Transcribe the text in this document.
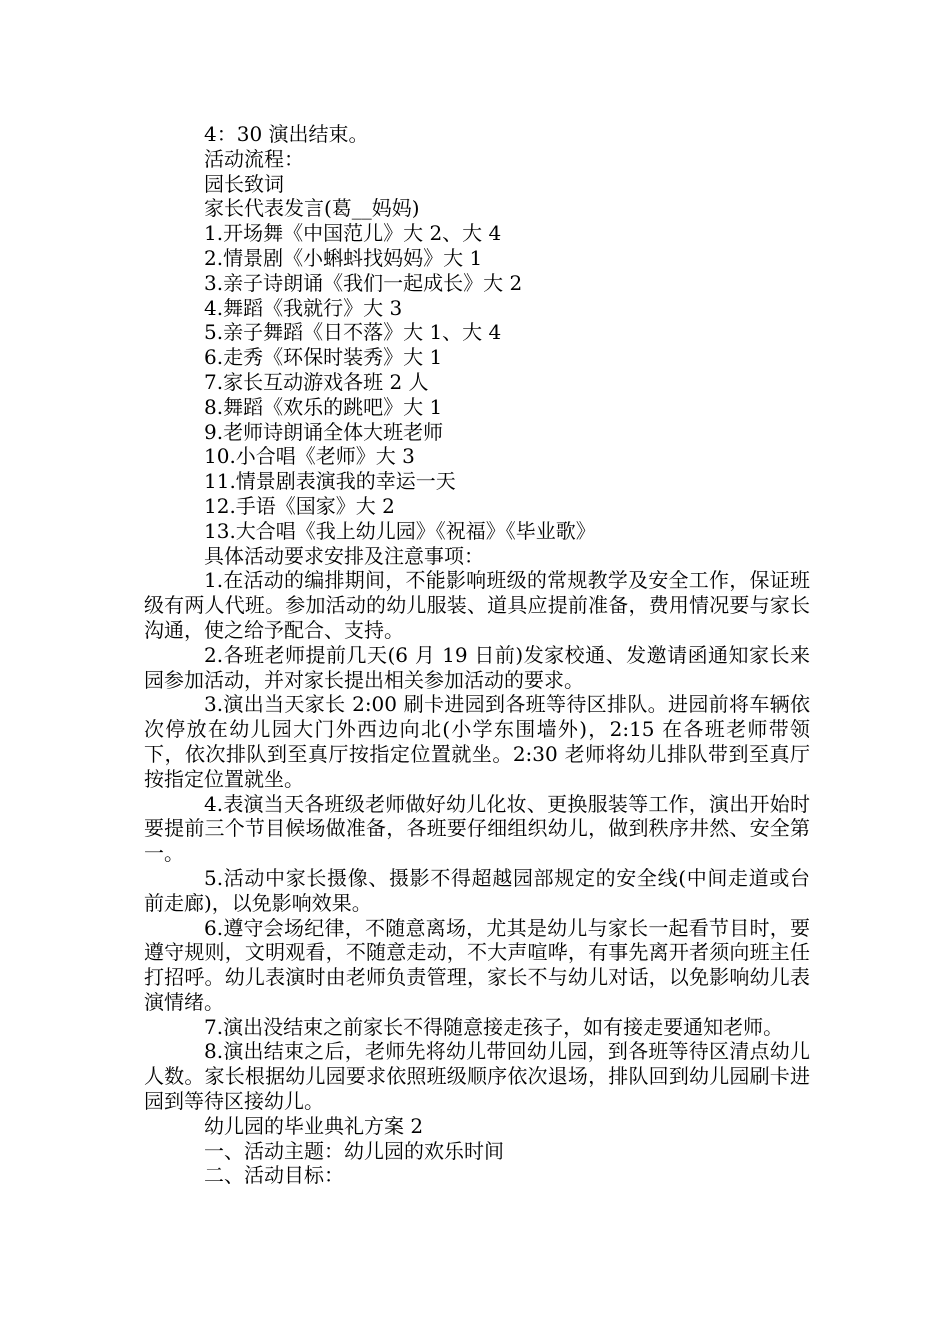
4：30 演出结束。

活动流程：

园长致词

家长代表发言(葛__妈妈)

1.开场舞《中国范儿》大 2、大 4

2.情景剧《小蝌蚪找妈妈》大 1

3.亲子诗朗诵《我们一起成长》大 2

4.舞蹈《我就行》大 3

5.亲子舞蹈《日不落》大 1、大 4

6.走秀《环保时装秀》大 1

7.家长互动游戏各班 2 人

8.舞蹈《欢乐的跳吧》大 1

9.老师诗朗诵全体大班老师

10.小合唱《老师》大 3

11.情景剧表演我的幸运一天

12.手语《国家》大 2

13.大合唱《我上幼儿园》《祝福》《毕业歌》

具体活动要求安排及注意事项：

1.在活动的编排期间，不能影响班级的常规教学及安全工作，保证班级有两人代班。参加活动的幼儿服装、道具应提前准备，费用情况要与家长沟通，使之给予配合、支持。

2.各班老师提前几天(6 月 19 日前)发家校通、发邀请函通知家长来园参加活动，并对家长提出相关参加活动的要求。

3.演出当天家长 2:00 刷卡进园到各班等待区排队。进园前将车辆依次停放在幼儿园大门外西边向北(小学东围墙外)，2:15 在各班老师带领下，依次排队到至真厅按指定位置就坐。2:30 老师将幼儿排队带到至真厅按指定位置就坐。

4.表演当天各班级老师做好幼儿化妆、更换服装等工作，演出开始时要提前三个节目候场做准备，各班要仔细组织幼儿，做到秩序井然、安全第一。

5.活动中家长摄像、摄影不得超越园部规定的安全线(中间走道或台前走廊)，以免影响效果。

6.遵守会场纪律，不随意离场，尤其是幼儿与家长一起看节目时，要遵守规则，文明观看，不随意走动，不大声喧哗，有事先离开者须向班主任打招呼。幼儿表演时由老师负责管理，家长不与幼儿对话，以免影响幼儿表演情绪。

7.演出没结束之前家长不得随意接走孩子，如有接走要通知老师。

8.演出结束之后，老师先将幼儿带回幼儿园，到各班等待区清点幼儿人数。家长根据幼儿园要求依照班级顺序依次退场，排队回到幼儿园刷卡进园到等待区接幼儿。

幼儿园的毕业典礼方案 2

一、活动主题：幼儿园的欢乐时间

二、活动目标：
